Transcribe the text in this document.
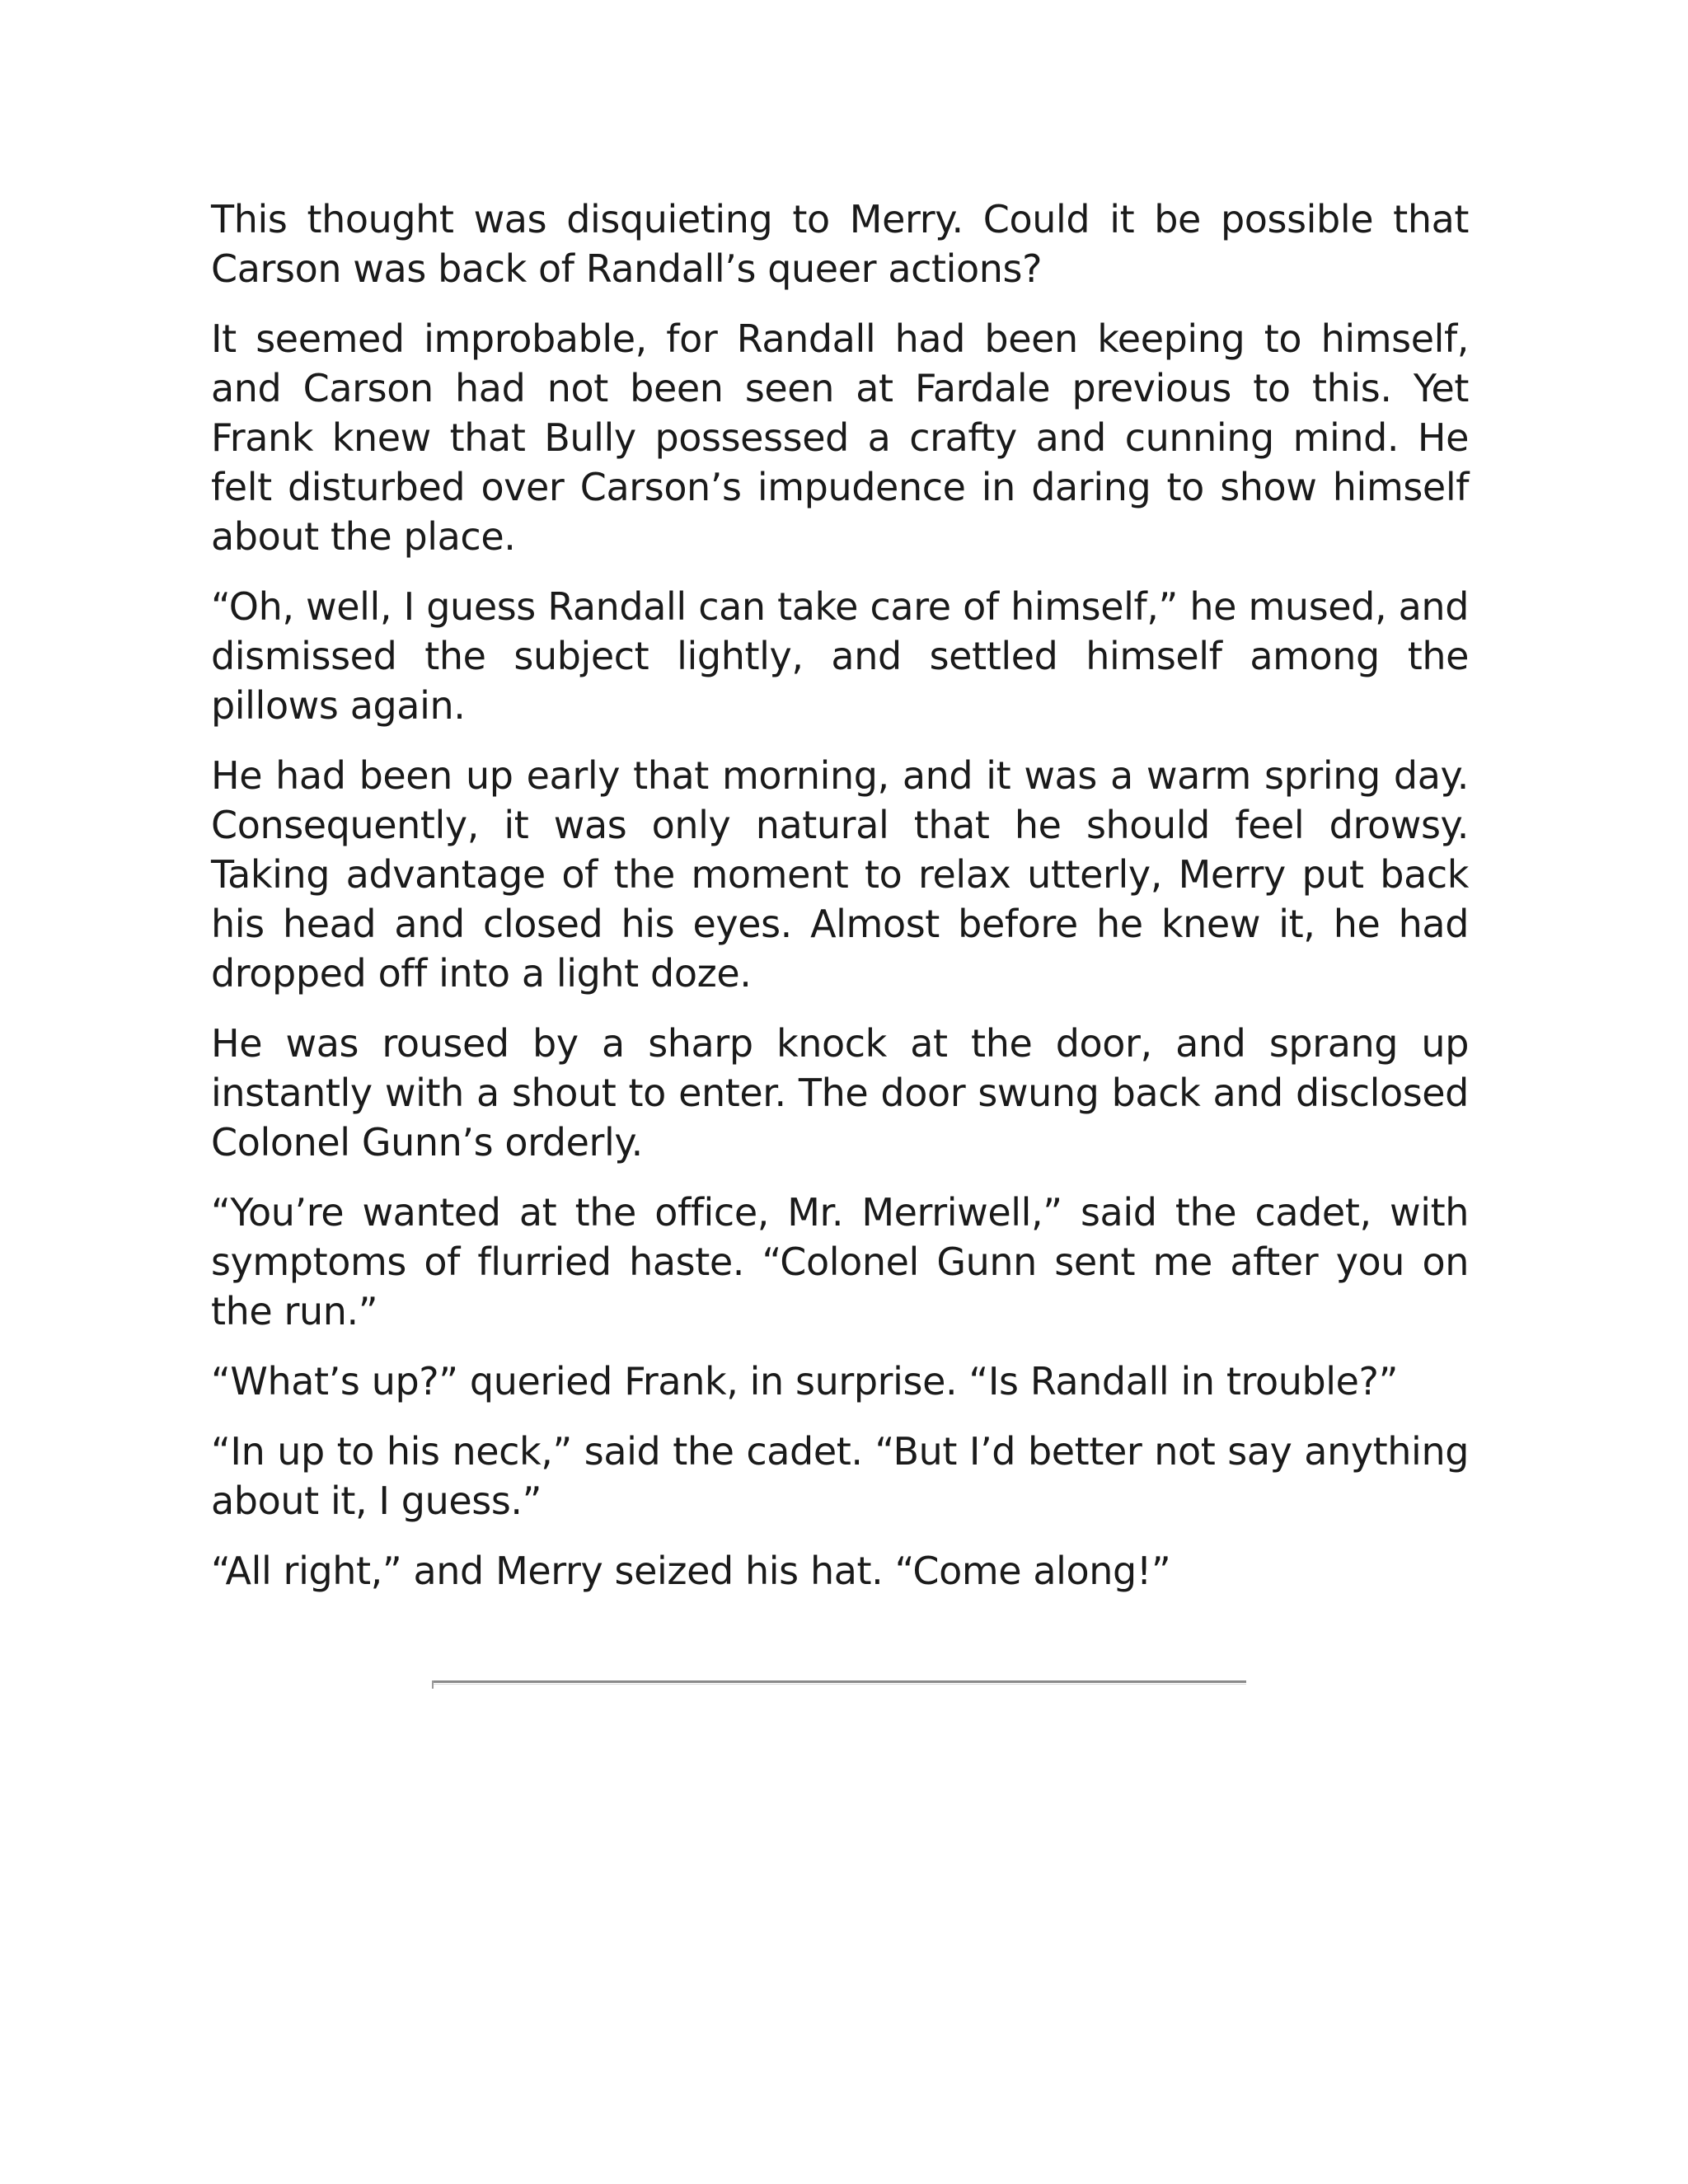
This thought was disquieting to Merry. Could it be possible that Carson was back of Randall’s queer actions?

It seemed improbable, for Randall had been keeping to himself, and Carson had not been seen at Fardale previous to this. Yet Frank knew that Bully possessed a crafty and cunning mind. He felt disturbed over Carson’s impudence in daring to show himself about the place.

“Oh, well, I guess Randall can take care of himself,” he mused, and dismissed the subject lightly, and settled himself among the pillows again.

He had been up early that morning, and it was a warm spring day. Consequently, it was only natural that he should feel drowsy. Taking advantage of the moment to relax utterly, Merry put back his head and closed his eyes. Almost before he knew it, he had dropped off into a light doze.

He was roused by a sharp knock at the door, and sprang up instantly with a shout to enter. The door swung back and disclosed Colonel Gunn’s orderly.

“You’re wanted at the office, Mr. Merriwell,” said the cadet, with symptoms of flurried haste. “Colonel Gunn sent me after you on the run.”

“What’s up?” queried Frank, in surprise. “Is Randall in trouble?”

“In up to his neck,” said the cadet. “But I’d better not say anything about it, I guess.”

“All right,” and Merry seized his hat. “Come along!”
